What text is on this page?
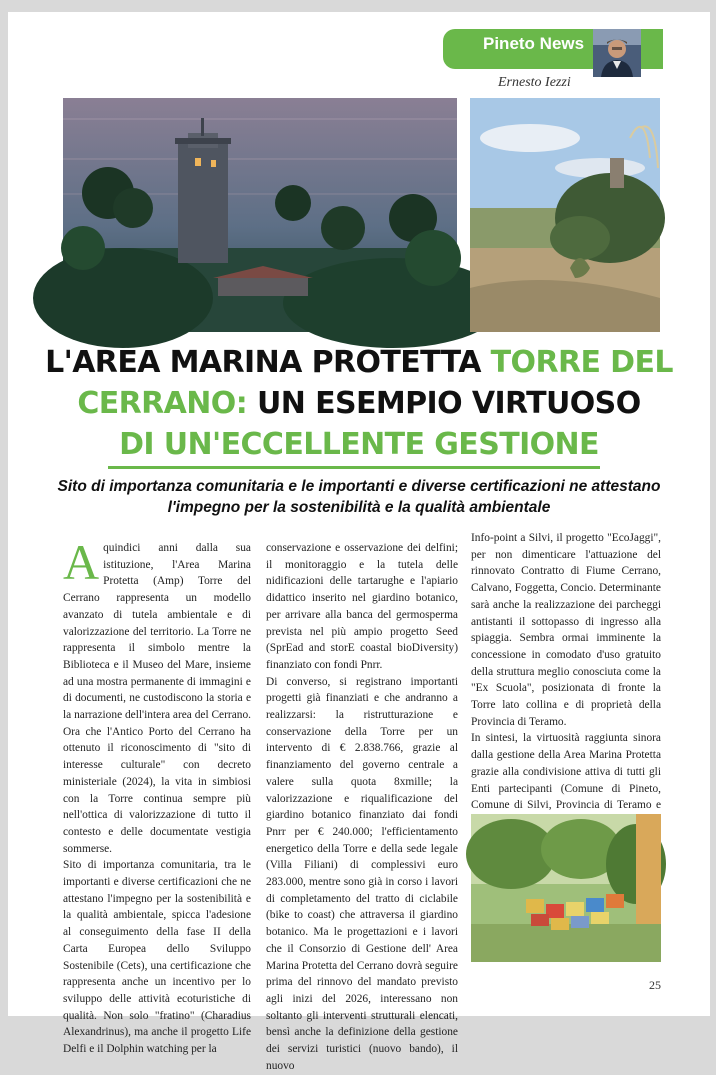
Pineto News
Ernesto Iezzi
L'AREA MARINA PROTETTA TORRE DEL
CERRANO: UN ESEMPIO VIRTUOSO
DI UN'ECCELLENTE GESTIONE
Sito di importanza comunitaria e le importanti e diverse certificazioni ne attestano
l'impegno per la sostenibilità e la qualità ambientale

Aquindici anni dalla sua istituzione, l'Area Marina Protetta (Amp) Torre del Cerrano rappresenta un modello avanzato di tutela ambientale e di valorizzazione del territorio. La Torre ne rappresenta il simbolo mentre la Biblioteca e il Museo del Mare, insieme ad una mostra permanente di immagini e di documenti, ne custodiscono la storia e la narrazione dell'intera area del Cerrano. Ora che l'Antico Porto del Cerrano ha ottenuto il riconoscimento di "sito di interesse culturale" con decreto ministeriale (2024), la vita in simbiosi con la Torre continua sempre più nell'ottica di valorizzazione di tutto il contesto e delle documentate vestigia sommerse.

Sito di importanza comunitaria, tra le importanti e diverse certificazioni che ne attestano l'impegno per la sostenibilità e la qualità ambientale, spicca l'adesione al conseguimento della fase II della Carta Europea dello Sviluppo Sostenibile (Cets), una certificazione che rappresenta anche un incentivo per lo sviluppo delle attività ecoturistiche di qualità. Non solo "fratino" (Charadius Alexandrinus), ma anche il progetto Life Delfi e il Dolphin watching per la

conservazione e osservazione dei delfini; il monitoraggio e la tutela delle nidificazioni delle tartarughe e l'apiario didattico inserito nel giardino botanico, per arrivare alla banca del germosperma prevista nel più ampio progetto Seed (SprEad and storE coastal bioDiversity) finanziato con fondi Pnrr.

Di converso, si registrano importanti progetti già finanziati e che andranno a realizzarsi: la ristrutturazione e conservazione della Torre per un intervento di € 2.838.766, grazie al finanziamento del governo centrale a valere sulla quota 8xmille; la valorizzazione e riqualificazione del giardino botanico finanziato dai fondi Pnrr per € 240.000; l'efficientamento energetico della Torre e della sede legale (Villa Filiani) di complessivi euro 283.000, mentre sono già in corso i lavori di completamento del tratto di ciclabile (bike to coast) che attraversa il giardino botanico. Ma le progettazioni e i lavori che il Consorzio di Gestione dell' Area Marina Protetta del Cerrano dovrà seguire prima del rinnovo del mandato previsto agli inizi del 2026, interessano non soltanto gli interventi strutturali elencati, bensì anche la definizione della gestione dei servizi turistici (nuovo bando), il nuovo

Info-point a Silvi, il progetto "EcoJaggi", per non dimenticare l'attuazione del rinnovato Contratto di Fiume Cerrano, Calvano, Foggetta, Concio. Determinante sarà anche la realizzazione dei parcheggi antistanti il sottopasso di ingresso alla spiaggia. Sembra ormai imminente la concessione in comodato d'uso gratuito della struttura meglio conosciuta come la "Ex Scuola", posizionata di fronte la Torre lato collina e di proprietà della Provincia di Teramo.

In sintesi, la virtuosità raggiunta sinora dalla gestione della Area Marina Protetta grazie alla condivisione attiva di tutti gli Enti partecipanti (Comune di Pineto, Comune di Silvi, Provincia di Teramo e

25
